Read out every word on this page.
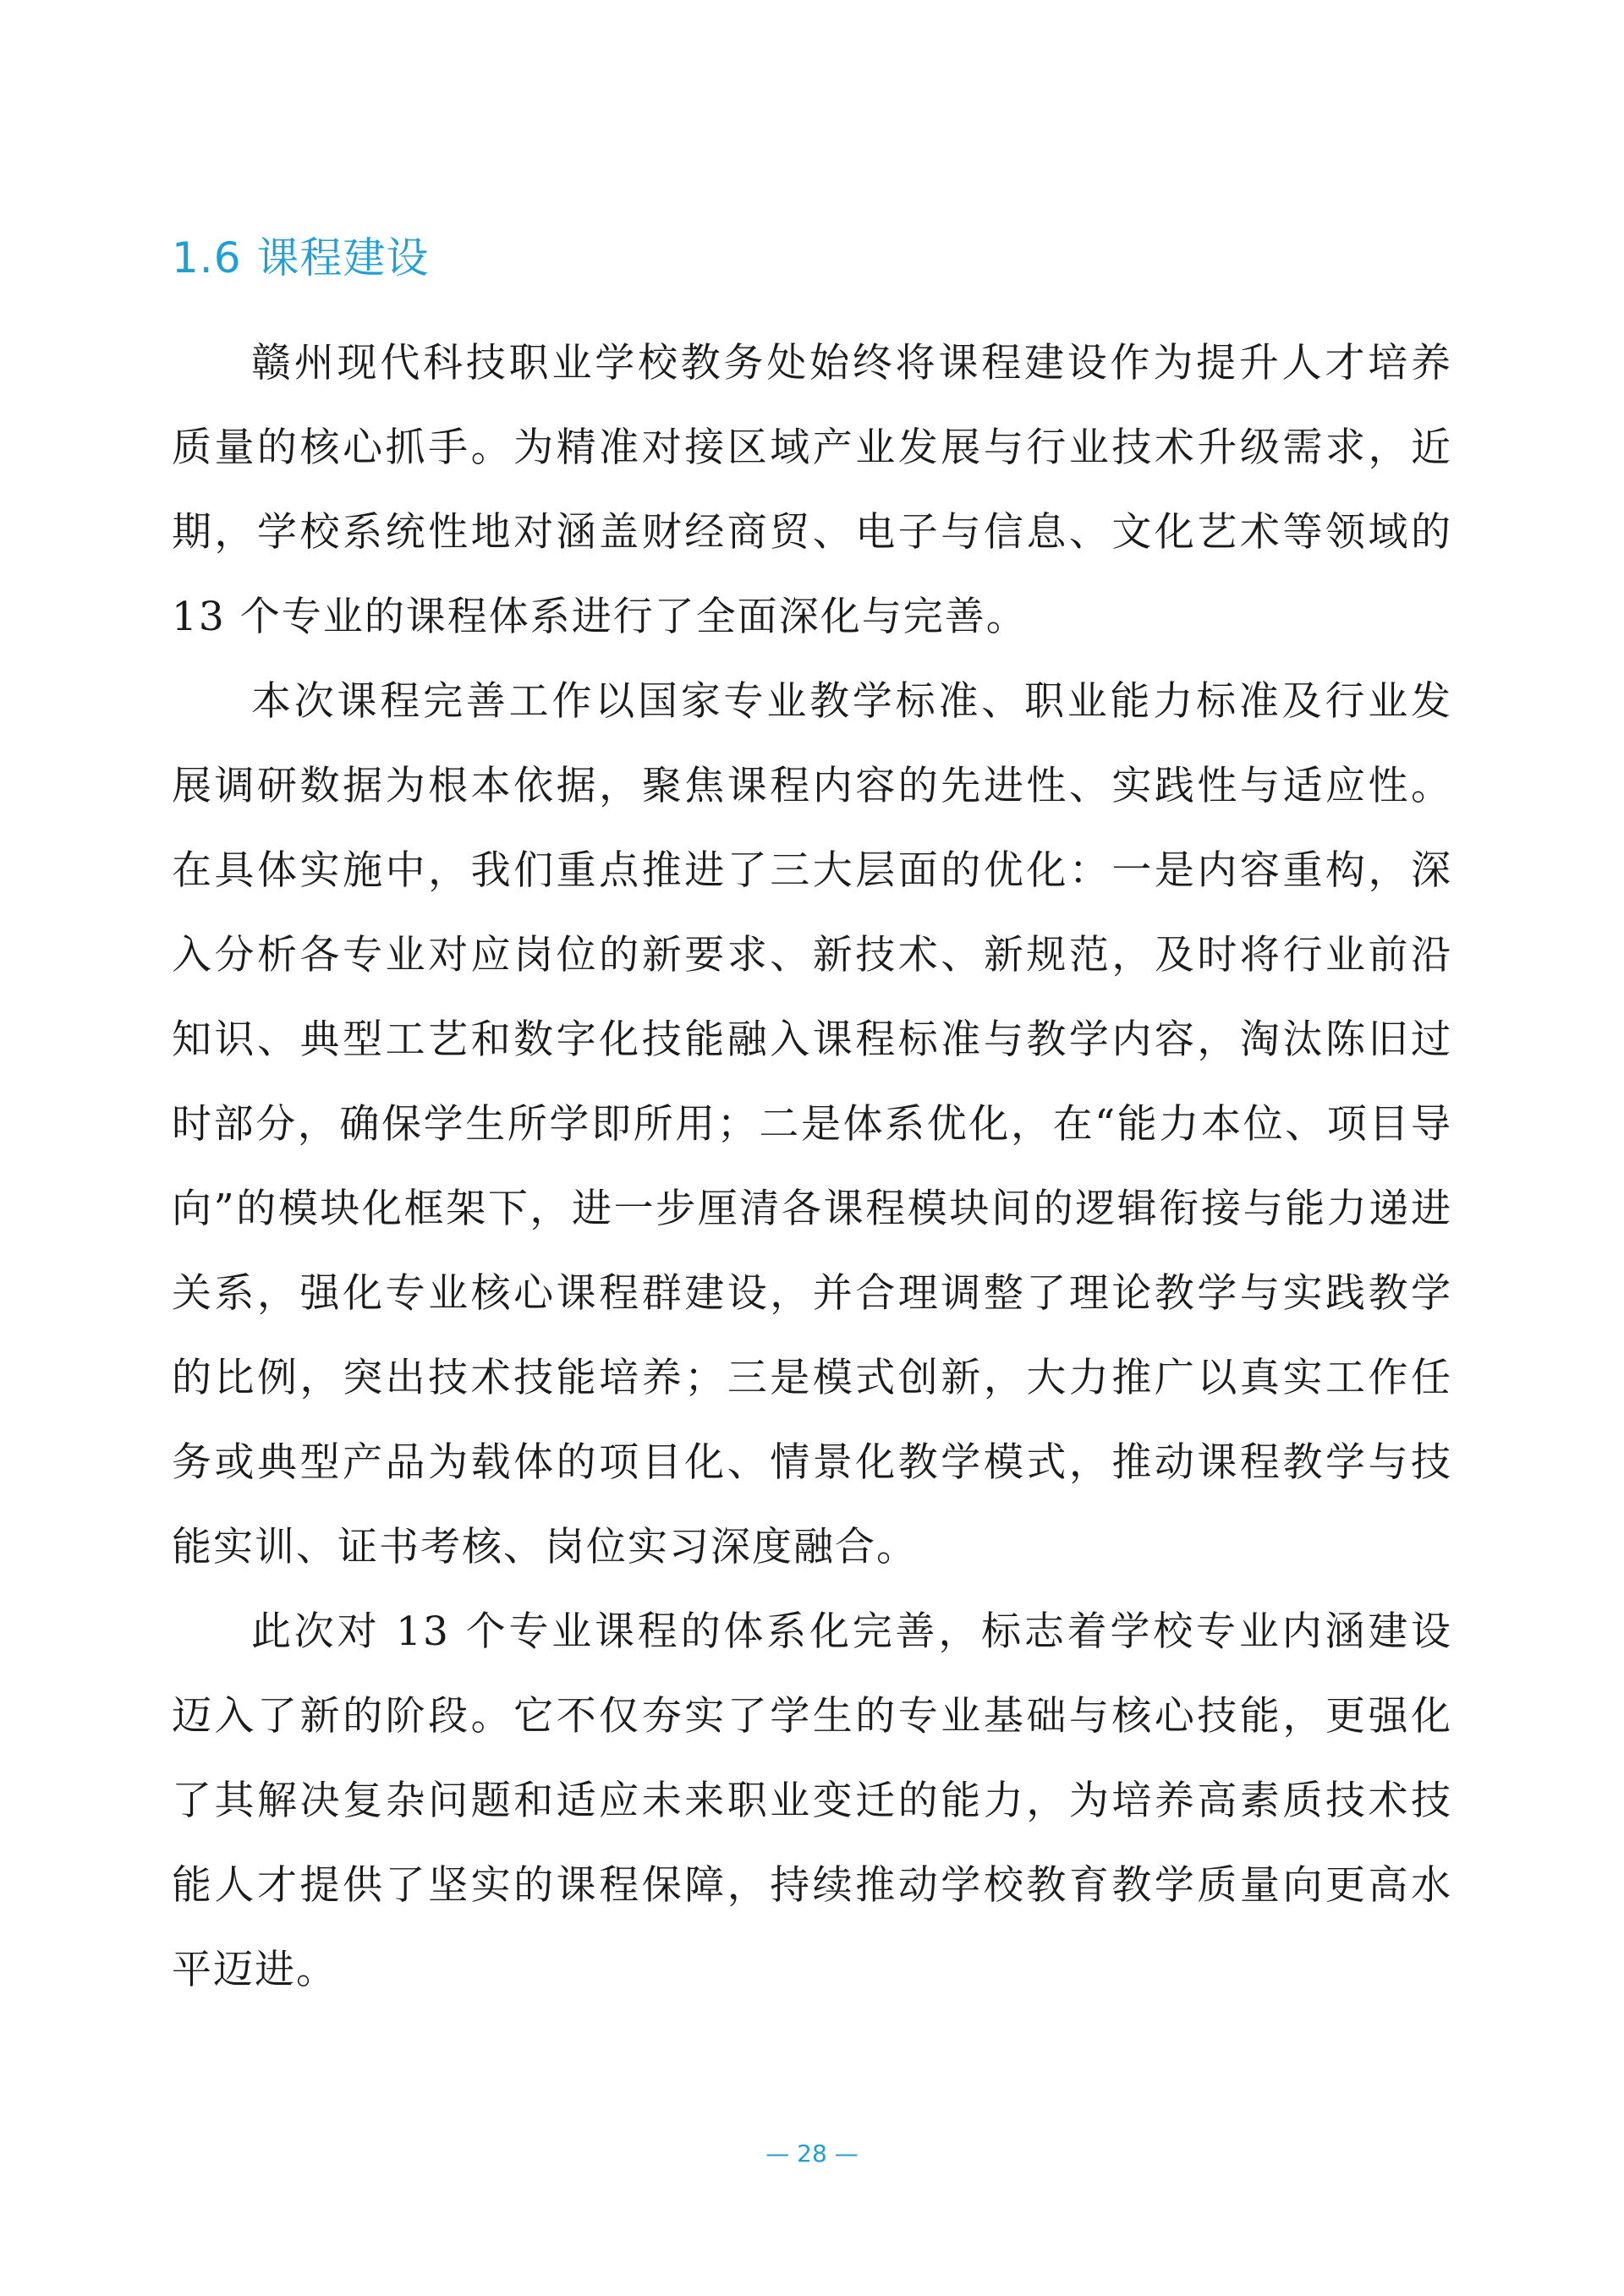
1.6 课程建设

赣州现代科技职业学校教务处始终将课程建设作为提升人才培养质量的核心抓手。为精准对接区域产业发展与行业技术升级需求，近期，学校系统性地对涵盖财经商贸、电子与信息、文化艺术等领域的 13 个专业的课程体系进行了全面深化与完善。

本次课程完善工作以国家专业教学标准、职业能力标准及行业发展调研数据为根本依据，聚焦课程内容的先进性、实践性与适应性。在具体实施中，我们重点推进了三大层面的优化：一是内容重构，深入分析各专业对应岗位的新要求、新技术、新规范，及时将行业前沿知识、典型工艺和数字化技能融入课程标准与教学内容，淘汰陈旧过时部分，确保学生所学即所用；二是体系优化，在“能力本位、项目导向”的模块化框架下，进一步厘清各课程模块间的逻辑衔接与能力递进关系，强化专业核心课程群建设，并合理调整了理论教学与实践教学的比例，突出技术技能培养；三是模式创新，大力推广以真实工作任务或典型产品为载体的项目化、情景化教学模式，推动课程教学与技能实训、证书考核、岗位实习深度融合。

此次对 13 个专业课程的体系化完善，标志着学校专业内涵建设迈入了新的阶段。它不仅夯实了学生的专业基础与核心技能，更强化了其解决复杂问题和适应未来职业变迁的能力，为培养高素质技术技能人才提供了坚实的课程保障，持续推动学校教育教学质量向更高水平迈进。

— 28 —
